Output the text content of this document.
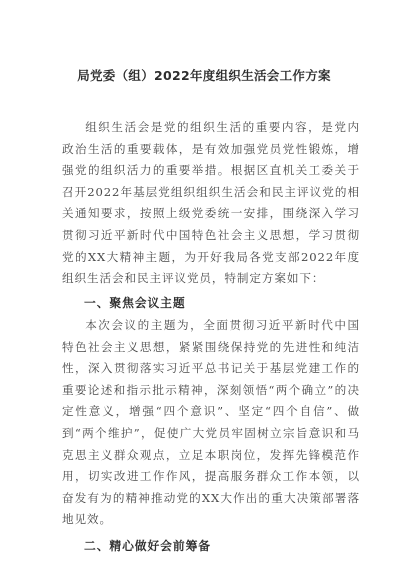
局党委（组）2022年度组织生活会工作方案

组织生活会是党的组织生活的重要内容，是党内政治生活的重要载体，是有效加强党员党性锻炼，增强党的组织活力的重要举措。根据区直机关工委关于召开2022年基层党组织组织生活会和民主评议党的相关通知要求，按照上级党委统一安排，围绕深入学习贯彻习近平新时代中国特色社会主义思想，学习贯彻党的XX大精神主题，为开好我局各党支部2022年度组织生活会和民主评议党员，特制定方案如下：

一、聚焦会议主题

本次会议的主题为，全面贯彻习近平新时代中国特色社会主义思想，紧紧围绕保持党的先进性和纯洁性，深入贯彻落实习近平总书记关于基层党建工作的重要论述和指示批示精神，深刻领悟“两个确立”的决定性意义，增强“四个意识”、坚定“四个自信”、做到“两个维护”，促使广大党员牢固树立宗旨意识和马克思主义群众观点，立足本职岗位，发挥先锋模范作用，切实改进工作作风，提高服务群众工作本领，以奋发有为的精神推动党的XX大作出的重大决策部署落地见效。

二、精心做好会前筹备
